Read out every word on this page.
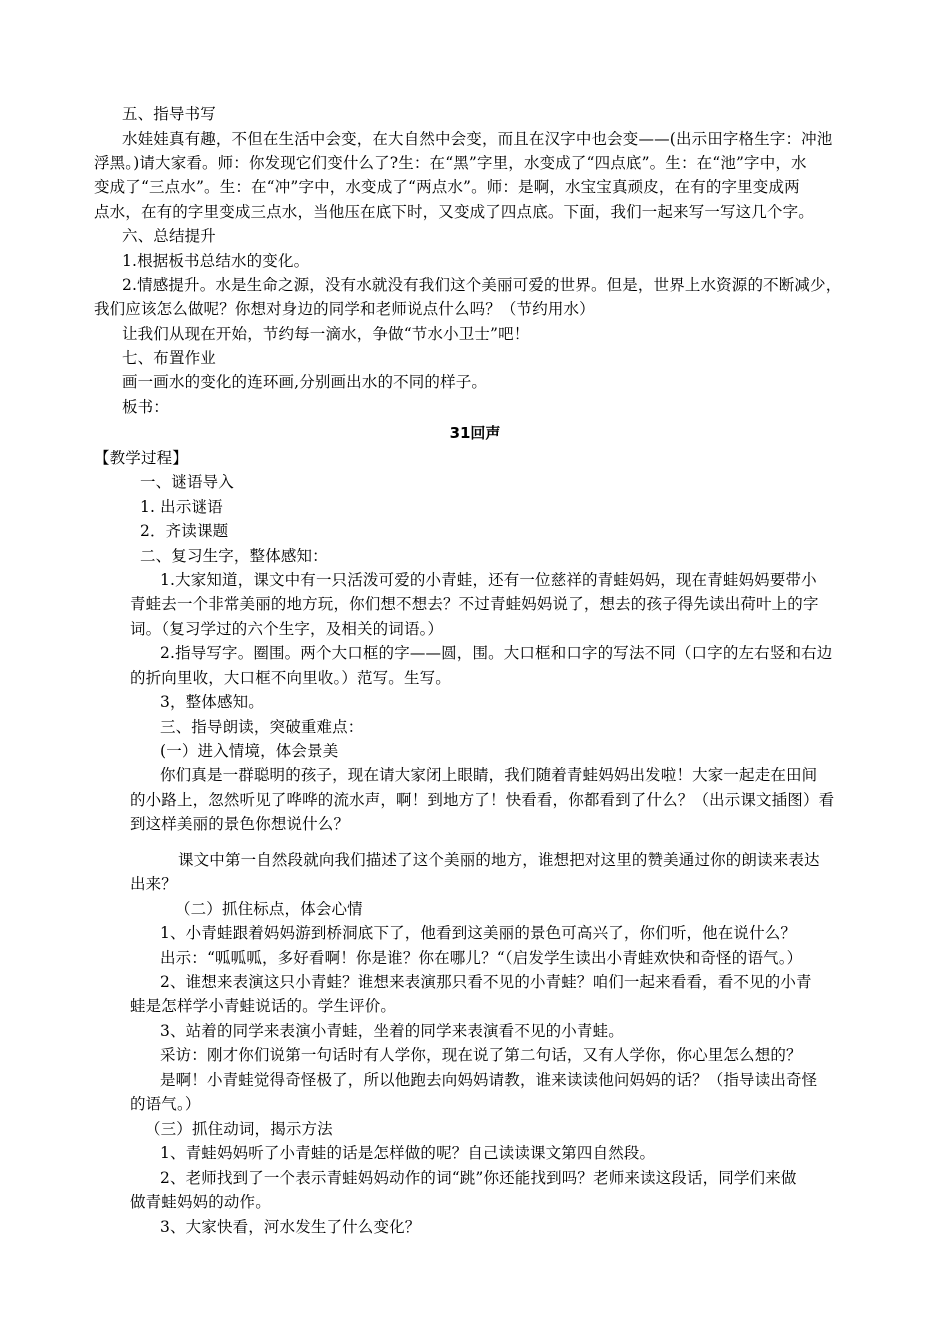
五、指导书写
水娃娃真有趣，不但在生活中会变，在大自然中会变，而且在汉字中也会变——(出示田字格生字：冲池
浮黑。)请大家看。师：你发现它们变什么了?生：在“黑”字里，水变成了“四点底”。生：在“池”字中，水
变成了“三点水”。生：在“冲”字中，水变成了“两点水”。师：是啊，水宝宝真顽皮，在有的字里变成两
点水，在有的字里变成三点水，当他压在底下时，又变成了四点底。下面，我们一起来写一写这几个字。
六、总结提升
1.根据板书总结水的变化。
2.情感提升。水是生命之源，没有水就没有我们这个美丽可爱的世界。但是，世界上水资源的不断减少，
我们应该怎么做呢？你想对身边的同学和老师说点什么吗？（节约用水）
让我们从现在开始，节约每一滴水，争做“节水小卫士”吧！
七、布置作业
画一画水的变化的连环画,分别画出水的不同的样子。
板书：
31回声
【教学过程】
一、谜语导入
1. 出示谜语
2．齐读课题
二、复习生字，整体感知：
1.大家知道，课文中有一只活泼可爱的小青蛙，还有一位慈祥的青蛙妈妈，现在青蛙妈妈要带小
青蛙去一个非常美丽的地方玩，你们想不想去？不过青蛙妈妈说了，想去的孩子得先读出荷叶上的字
词。（复习学过的六个生字，及相关的词语。）
2.指导写字。圈围。两个大口框的字——圆，围。大口框和口字的写法不同（口字的左右竖和右边
的折向里收，大口框不向里收。）范写。生写。
3，整体感知。
三、指导朗读，突破重难点：
(一）进入情境，体会景美
你们真是一群聪明的孩子，现在请大家闭上眼睛，我们随着青蛙妈妈出发啦！大家一起走在田间
的小路上，忽然听见了哗哗的流水声，啊！到地方了！快看看，你都看到了什么？（出示课文插图）看
到这样美丽的景色你想说什么？
课文中第一自然段就向我们描述了这个美丽的地方，谁想把对这里的赞美通过你的朗读来表达
出来？
（二）抓住标点，体会心情
1、小青蛙跟着妈妈游到桥洞底下了，他看到这美丽的景色可高兴了，你们听，他在说什么？
出示：“呱呱呱，多好看啊！你是谁？你在哪儿？“（启发学生读出小青蛙欢快和奇怪的语气。）
2、谁想来表演这只小青蛙？谁想来表演那只看不见的小青蛙？咱们一起来看看，看不见的小青
蛙是怎样学小青蛙说话的。学生评价。
3、站着的同学来表演小青蛙，坐着的同学来表演看不见的小青蛙。
采访：刚才你们说第一句话时有人学你，现在说了第二句话，又有人学你，你心里怎么想的？
是啊！小青蛙觉得奇怪极了，所以他跑去向妈妈请教，谁来读读他问妈妈的话？（指导读出奇怪
的语气。）
（三）抓住动词，揭示方法
1、青蛙妈妈听了小青蛙的话是怎样做的呢？自己读读课文第四自然段。
2、老师找到了一个表示青蛙妈妈动作的词“跳”你还能找到吗？老师来读这段话，同学们来做
做青蛙妈妈的动作。
3、大家快看，河水发生了什么变化？
